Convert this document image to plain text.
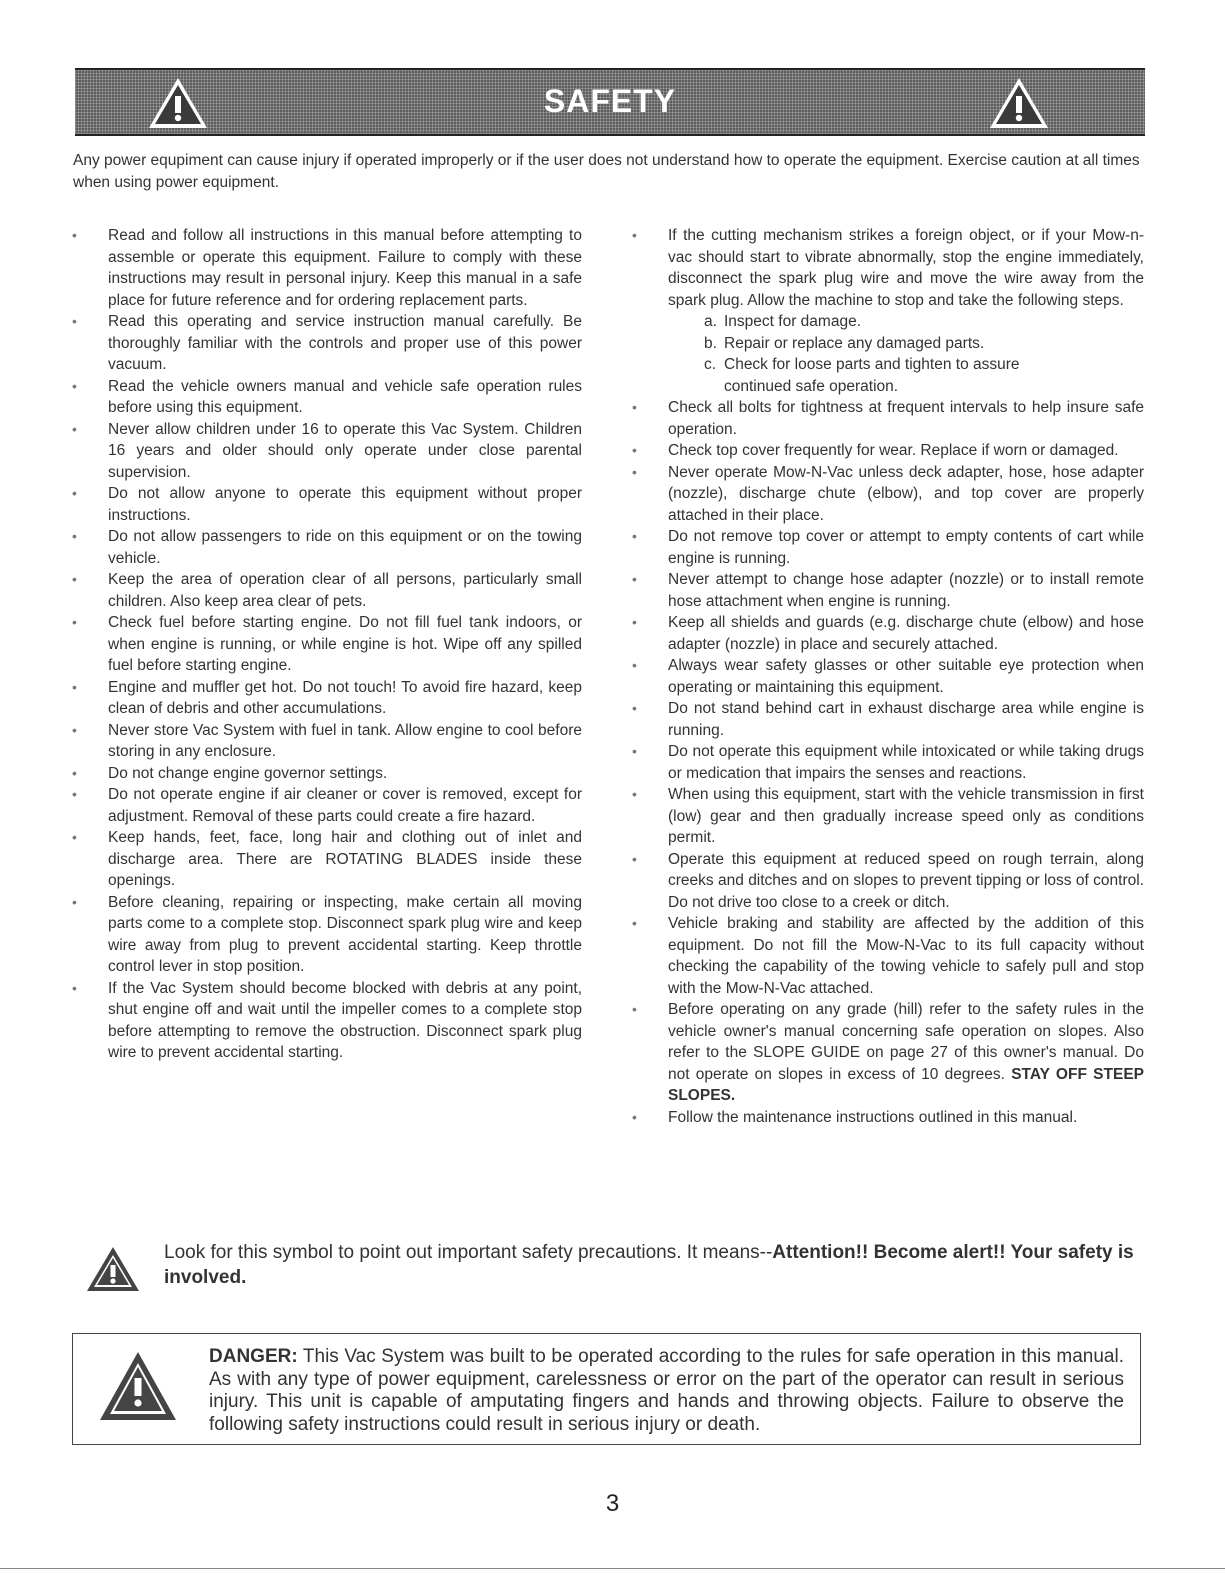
SAFETY

Any power equpiment can cause injury if operated improperly or if the user does not understand how to operate the equipment. Exercise caution at all times when using power equipment.

• Read and follow all instructions in this manual before attempting to assemble or operate this equipment. Failure to comply with these instructions may result in personal injury. Keep this manual in a safe place for future reference and for ordering replacement parts.
• Read this operating and service instruction manual carefully. Be thoroughly familiar with the controls and proper use of this power vacuum.
• Read the vehicle owners manual and vehicle safe operation rules before using this equipment.
• Never allow children under 16 to operate this Vac System. Children 16 years and older should only operate under close parental supervision.
• Do not allow anyone to operate this equipment without proper instructions.
• Do not allow passengers to ride on this equipment or on the towing vehicle.
• Keep the area of operation clear of all persons, particularly small children. Also keep area clear of pets.
• Check fuel before starting engine. Do not fill fuel tank indoors, or when engine is running, or while engine is hot. Wipe off any spilled fuel before starting engine.
• Engine and muffler get hot. Do not touch! To avoid fire hazard, keep clean of debris and other accumulations.
• Never store Vac System with fuel in tank. Allow engine to cool before storing in any enclosure.
• Do not change engine governor settings.
• Do not operate engine if air cleaner or cover is removed, except for adjustment. Removal of these parts could create a fire hazard.
• Keep hands, feet, face, long hair and clothing out of inlet and discharge area. There are ROTATING BLADES inside these openings.
• Before cleaning, repairing or inspecting, make certain all moving parts come to a complete stop. Disconnect spark plug wire and keep wire away from plug to prevent accidental starting. Keep throttle control lever in stop position.
• If the Vac System should become blocked with debris at any point, shut engine off and wait until the impeller comes to a complete stop before attempting to remove the obstruction. Disconnect spark plug wire to prevent accidental starting.
• If the cutting mechanism strikes a foreign object, or if your Mow-n-vac should start to vibrate abnormally, stop the engine immediately, disconnect the spark plug wire and move the wire away from the spark plug. Allow the machine to stop and take the following steps.
a. Inspect for damage.
b. Repair or replace any damaged parts.
c. Check for loose parts and tighten to assure
continued safe operation.
• Check all bolts for tightness at frequent intervals to help insure safe operation.
• Check top cover frequently for wear. Replace if worn or damaged.
• Never operate Mow-N-Vac unless deck adapter, hose, hose adapter (nozzle), discharge chute (elbow), and top cover are properly attached in their place.
• Do not remove top cover or attempt to empty contents of cart while engine is running.
• Never attempt to change hose adapter (nozzle) or to install remote hose attachment when engine is running.
• Keep all shields and guards (e.g. discharge chute (elbow) and hose adapter (nozzle) in place and securely attached.
• Always wear safety glasses or other suitable eye protection when operating or maintaining this equipment.
• Do not stand behind cart in exhaust discharge area while engine is running.
• Do not operate this equipment while intoxicated or while taking drugs or medication that impairs the senses and reactions.
• When using this equipment, start with the vehicle transmission in first (low) gear and then gradually increase speed only as conditions permit.
• Operate this equipment at reduced speed on rough terrain, along creeks and ditches and on slopes to prevent tipping or loss of control. Do not drive too close to a creek or ditch.
• Vehicle braking and stability are affected by the addition of this equipment. Do not fill the Mow-N-Vac to its full capacity without checking the capability of the towing vehicle to safely pull and stop with the Mow-N-Vac attached.
• Before operating on any grade (hill) refer to the safety rules in the vehicle owner's manual concerning safe operation on slopes. Also refer to the SLOPE GUIDE on page 27 of this owner's manual. Do not operate on slopes in excess of 10 degrees. STAY OFF STEEP SLOPES.
• Follow the maintenance instructions outlined in this manual.
Look for this symbol to point out important safety precautions. It means--Attention!! Become alert!! Your safety is involved.
DANGER: This Vac System was built to be operated according to the rules for safe operation in this manual. As with any type of power equipment, carelessness or error on the part of the operator can result in serious injury. This unit is capable of amputating fingers and hands and throwing objects. Failure to observe the following safety instructions could result in serious injury or death.
3
